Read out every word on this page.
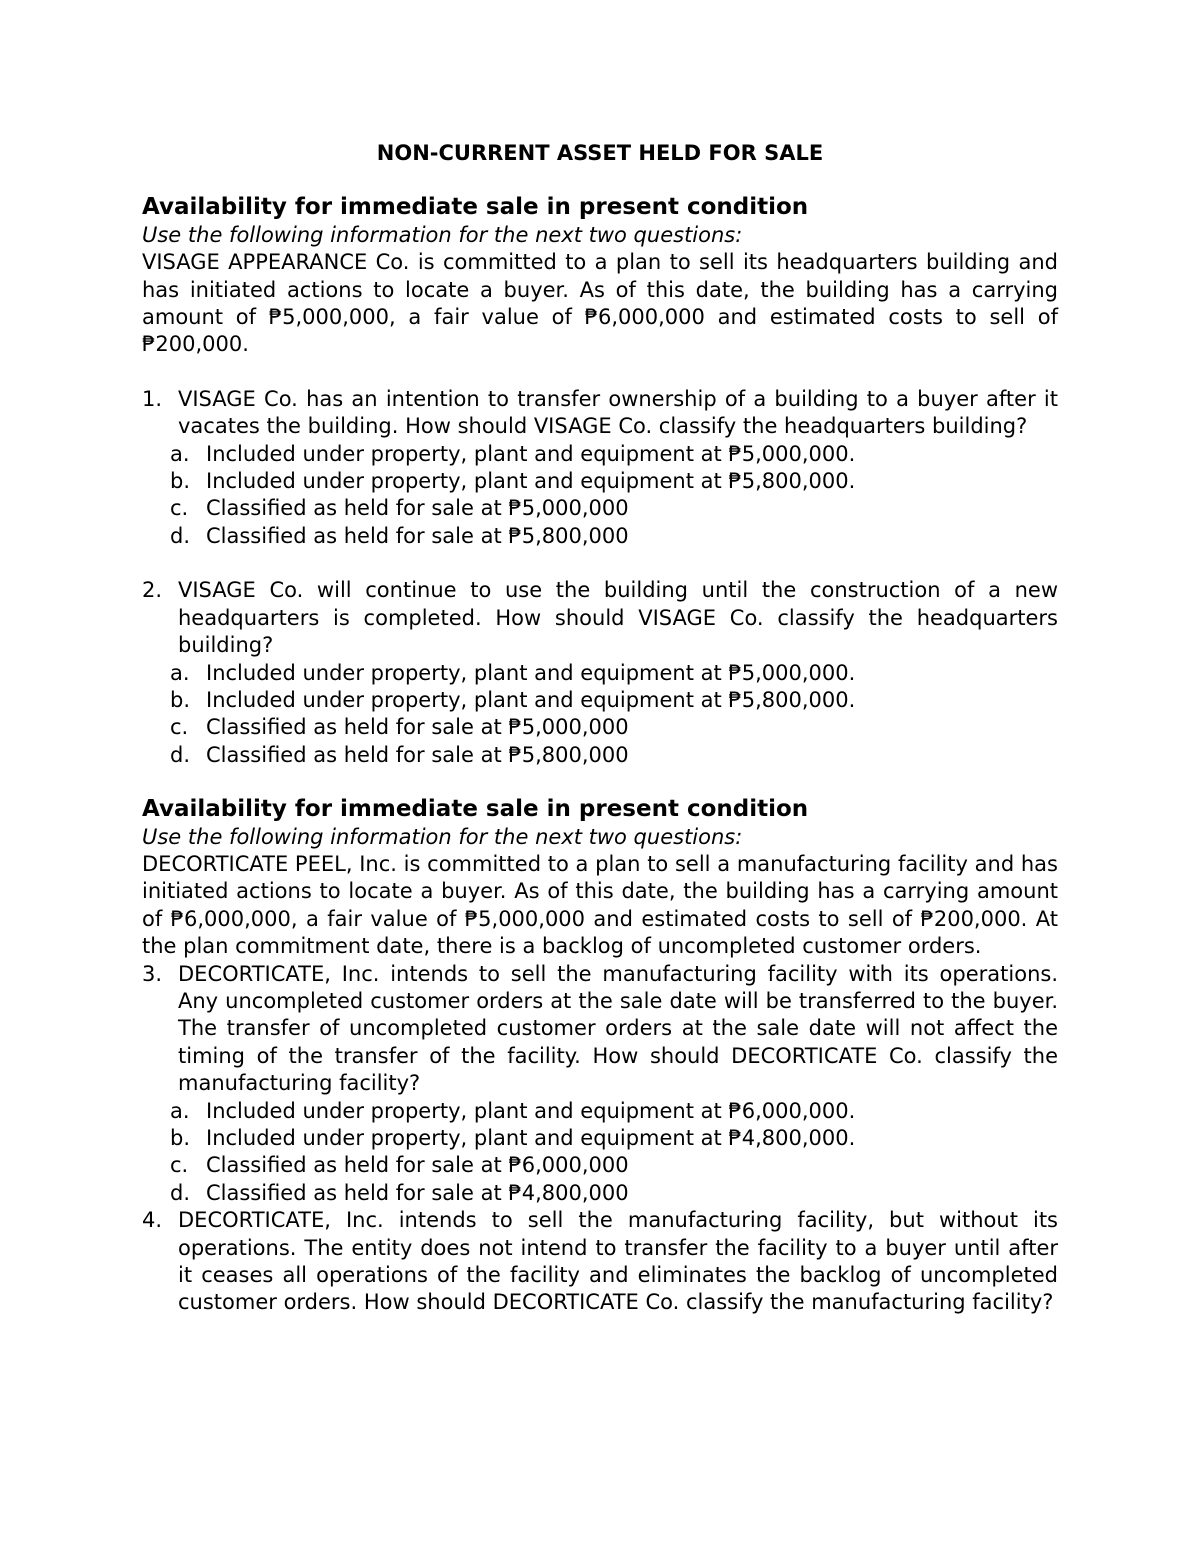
NON-CURRENT ASSET HELD FOR SALE
Availability for immediate sale in present condition
Use the following information for the next two questions:
VISAGE APPEARANCE Co. is committed to a plan to sell its headquarters building and has initiated actions to locate a buyer. As of this date, the building has a carrying amount of ₱5,000,000, a fair value of ₱6,000,000 and estimated costs to sell of ₱200,000.
1. VISAGE Co. has an intention to transfer ownership of a building to a buyer after it vacates the building. How should VISAGE Co. classify the headquarters building?
a. Included under property, plant and equipment at ₱5,000,000.
b. Included under property, plant and equipment at ₱5,800,000.
c. Classified as held for sale at ₱5,000,000
d. Classified as held for sale at ₱5,800,000
2. VISAGE Co. will continue to use the building until the construction of a new headquarters is completed. How should VISAGE Co. classify the headquarters building?
a. Included under property, plant and equipment at ₱5,000,000.
b. Included under property, plant and equipment at ₱5,800,000.
c. Classified as held for sale at ₱5,000,000
d. Classified as held for sale at ₱5,800,000
Availability for immediate sale in present condition
Use the following information for the next two questions:
DECORTICATE PEEL, Inc. is committed to a plan to sell a manufacturing facility and has initiated actions to locate a buyer. As of this date, the building has a carrying amount of ₱6,000,000, a fair value of ₱5,000,000 and estimated costs to sell of ₱200,000. At the plan commitment date, there is a backlog of uncompleted customer orders.
3. DECORTICATE, Inc. intends to sell the manufacturing facility with its operations. Any uncompleted customer orders at the sale date will be transferred to the buyer. The transfer of uncompleted customer orders at the sale date will not affect the timing of the transfer of the facility. How should DECORTICATE Co. classify the manufacturing facility?
a. Included under property, plant and equipment at ₱6,000,000.
b. Included under property, plant and equipment at ₱4,800,000.
c. Classified as held for sale at ₱6,000,000
d. Classified as held for sale at ₱4,800,000
4. DECORTICATE, Inc. intends to sell the manufacturing facility, but without its operations. The entity does not intend to transfer the facility to a buyer until after it ceases all operations of the facility and eliminates the backlog of uncompleted customer orders. How should DECORTICATE Co. classify the manufacturing facility?
